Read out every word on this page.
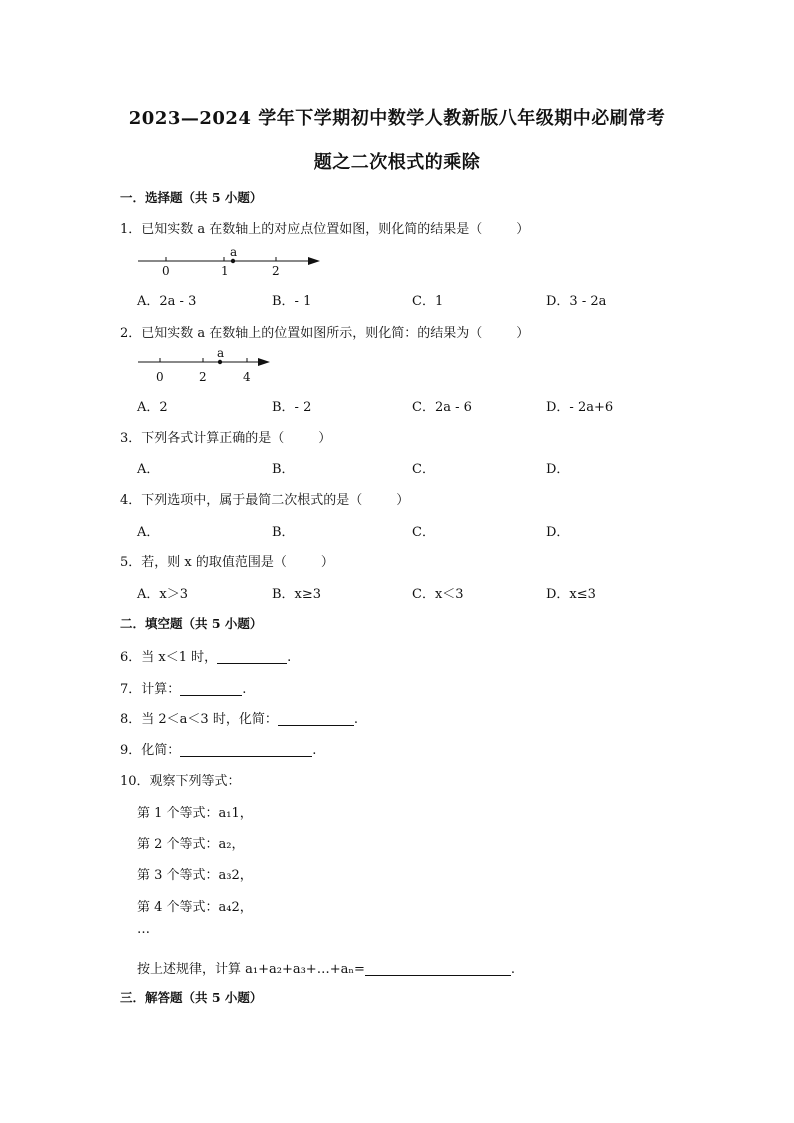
2023—2024 学年下学期初中数学人教新版八年级期中必刷常考
题之二次根式的乘除
一．选择题（共 5 小题）
1．已知实数 a 在数轴上的对应点位置如图，则化简的结果是（	）
a
0	1	2
A．2a - 3	B．- 1	C．1	D．3 - 2a
2．已知实数 a 在数轴上的位置如图所示，则化简：的结果为（	）
a
0	2	4
A．2	B．- 2	C．2a - 6	D．- 2a+6
3．下列各式计算正确的是（	）
A．	B．	C．	D．
4．下列选项中，属于最简二次根式的是（	）
A．	B．	C．	D．
5．若，则 x 的取值范围是（	）
A．x＞3	B．x≥3	C．x＜3	D．x≤3
二．填空题（共 5 小题）
6．当 x＜1 时，	.
7．计算：	.
8．当 2＜a＜3 时，化简：	.
9．化简：	.
10．观察下列等式：
第 1 个等式：a₁1，
第 2 个等式：a₂，
第 3 个等式：a₃2，
第 4 个等式：a₄2，
…
按上述规律，计算 a₁+a₂+a₃+…+aₙ=	.
三．解答题（共 5 小题）
